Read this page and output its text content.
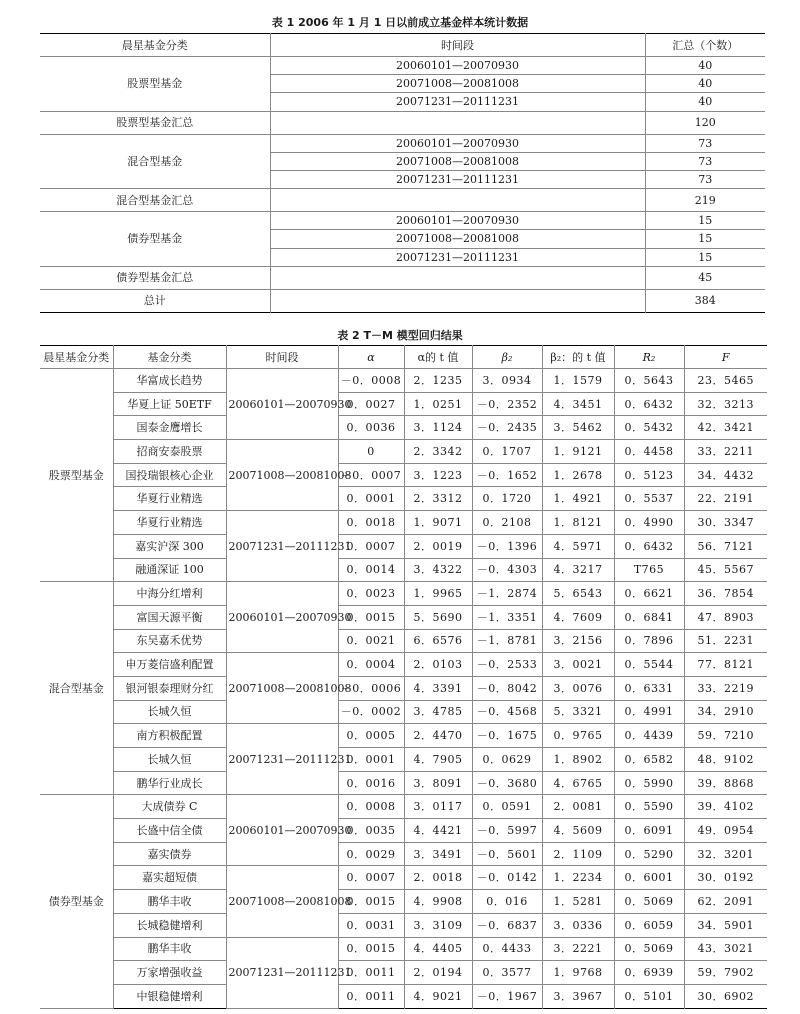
表 1 2006 年 1 月 1 日以前成立基金样本统计数据
晨星基金分类	时间段	汇总（个数）
股票型基金	20060101—20070930	40
	20071008—20081008	40
	20071231—20111231	40
股票型基金汇总		120
混合型基金	20060101—20070930	73
	20071008—20081008	73
	20071231—20111231	73
混合型基金汇总		219
债券型基金	20060101—20070930	15
	20071008—20081008	15
	20071231—20111231	15
债券型基金汇总		45
总计		384
表 2 T－M 模型回归结果
晨星基金分类	基金分类	时间段	α	α的 t 值	β₂	β₂：的 t 值	R₂	F
股票型基金	华富成长趋势	20060101—20070930	－0．0008	2．1235	3．0934	1．1579	0．5643	23．5465
	华夏上证 50ETF		0．0027	1．0251	－0．2352	4．3451	0．6432	32．3213
	国泰金鹰增长		0．0036	3．1124	－0．2435	3．5462	0．5432	42．3421
	招商安泰股票	20071008—20081008	0	2．3342	0．1707	1．9121	0．4458	33．2211
	国投瑞银核心企业		－0．0007	3．1223	－0．1652	1．2678	0．5123	34．4432
	华夏行业精选		0．0001	2．3312	0．1720	1．4921	0．5537	22．2191
	华夏行业精选	20071231—20111231	0．0018	1．9071	0．2108	1．8121	0．4990	30．3347
	嘉实沪深 300		0．0007	2．0019	－0．1396	4．5971	0．6432	56．7121
	融通深证 100		0．0014	3．4322	－0．4303	4．3217	T765	45．5567
混合型基金	中海分红增利	20060101—20070930	0．0023	1．9965	－1．2874	5．6543	0．6621	36．7854
	富国天源平衡		0．0015	5．5690	－1．3351	4．7609	0．6841	47．8903
	东吴嘉禾优势		0．0021	6．6576	－1．8781	3．2156	0．7896	51．2231
	申万菱信盛利配置	20071008—20081008	0．0004	2．0103	－0．2533	3．0021	0．5544	77．8121
	银河银泰理财分红		－0．0006	4．3391	－0．8042	3．0076	0．6331	33．2219
	长城久恒		－0．0002	3．4785	－0．4568	5．3321	0．4991	34．2910
	南方积极配置	20071231—20111231	0．0005	2．4470	－0．1675	0．9765	0．4439	59．7210
	长城久恒		0．0001	4．7905	0．0629	1．8902	0．6582	48．9102
	鹏华行业成长		0．0016	3．8091	－0．3680	4．6765	0．5990	39．8868
债券型基金	大成债券 C	20060101—20070930	0．0008	3．0117	0．0591	2．0081	0．5590	39．4102
	长盛中信全债		0．0035	4．4421	－0．5997	4．5609	0．6091	49．0954
	嘉实债券		0．0029	3．3491	－0．5601	2．1109	0．5290	32．3201
	嘉实超短债	20071008—20081008	0．0007	2．0018	－0．0142	1．2234	0．6001	30．0192
	鹏华丰收		0．0015	4．9908	0．016	1．5281	0．5069	62．2091
	长城稳健增利		0．0031	3．3109	－0．6837	3．0336	0．6059	34．5901
	鹏华丰收	20071231—20111231	0．0015	4．4405	0．4433	3．2221	0．5069	43．3021
	万家增强收益		0．0011	2．0194	0．3577	1．9768	0．6939	59．7902
	中银稳健增利		0．0011	4．9021	－0．1967	3．3967	0．5101	30．6902
